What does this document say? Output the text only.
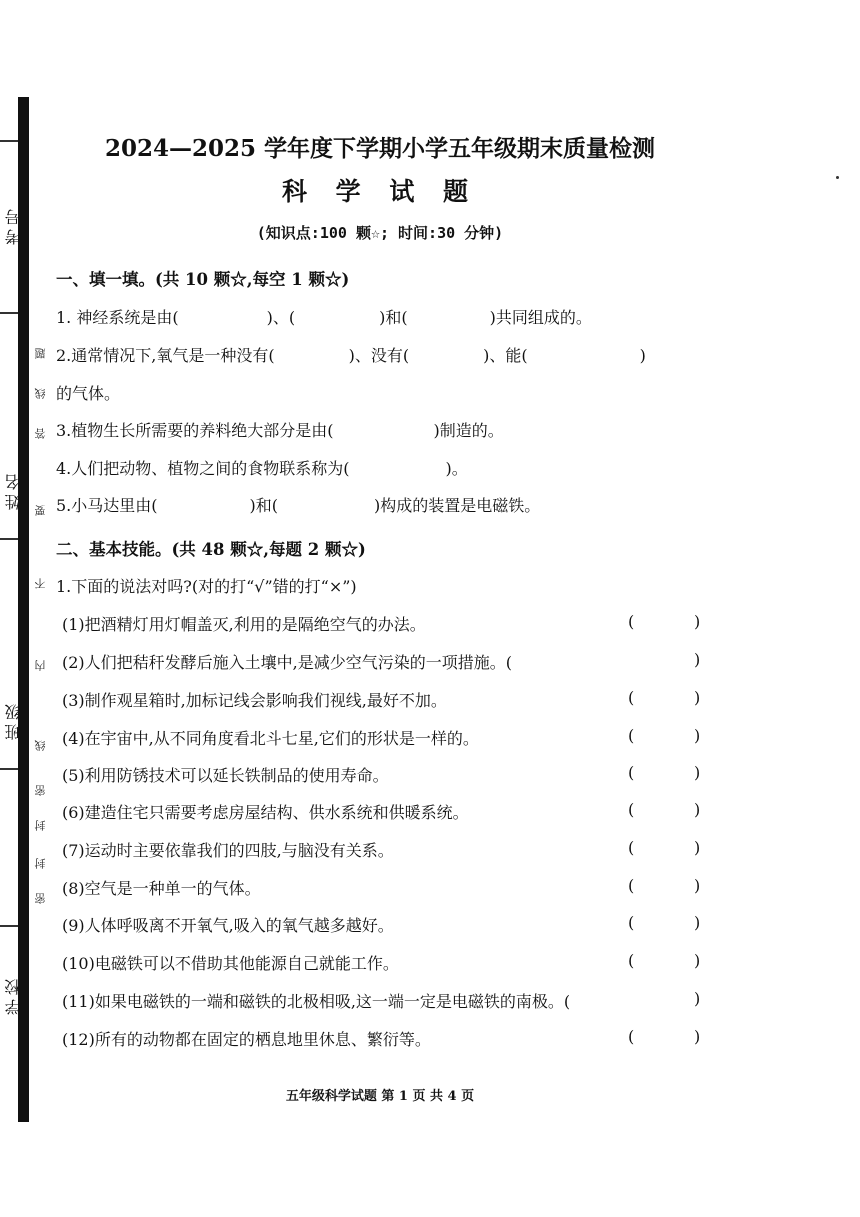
考号
姓名
班级
学校
题
线
答
要
不
内
线
封
密
封
密
2024—2025 学年度下学期小学五年级期末质量检测
科 学 试 题
(知识点:100 颗☆; 时间:30 分钟)
一、填一填。(共 10 颗☆,每空 1 颗☆)
1. 神经系统是由(	)、(	)和(	)共同组成的。
2.通常情况下,氧气是一种没有(	)、没有(	)、能(	)
的气体。
3.植物生长所需要的养料绝大部分是由(	)制造的。
4.人们把动物、植物之间的食物联系称为(	)。
5.小马达里由(	)和(	)构成的装置是电磁铁。
二、基本技能。(共 48 颗☆,每题 2 颗☆)
1.下面的说法对吗?(对的打“√”错的打“×”)
(1)把酒精灯用灯帽盖灭,利用的是隔绝空气的办法。	(	)
(2)人们把秸秆发酵后施入土壤中,是减少空气污染的一项措施。(	)
(3)制作观星箱时,加标记线会影响我们视线,最好不加。	(	)
(4)在宇宙中,从不同角度看北斗七星,它们的形状是一样的。	(	)
(5)利用防锈技术可以延长铁制品的使用寿命。	(	)
(6)建造住宅只需要考虑房屋结构、供水系统和供暖系统。	(	)
(7)运动时主要依靠我们的四肢,与脑没有关系。	(	)
(8)空气是一种单一的气体。	(	)
(9)人体呼吸离不开氧气,吸入的氧气越多越好。	(	)
(10)电磁铁可以不借助其他能源自己就能工作。	(	)
(11)如果电磁铁的一端和磁铁的北极相吸,这一端一定是电磁铁的南极。(	)
(12)所有的动物都在固定的栖息地里休息、繁衍等。	(	)
五年级科学试题 第 1 页 共 4 页
